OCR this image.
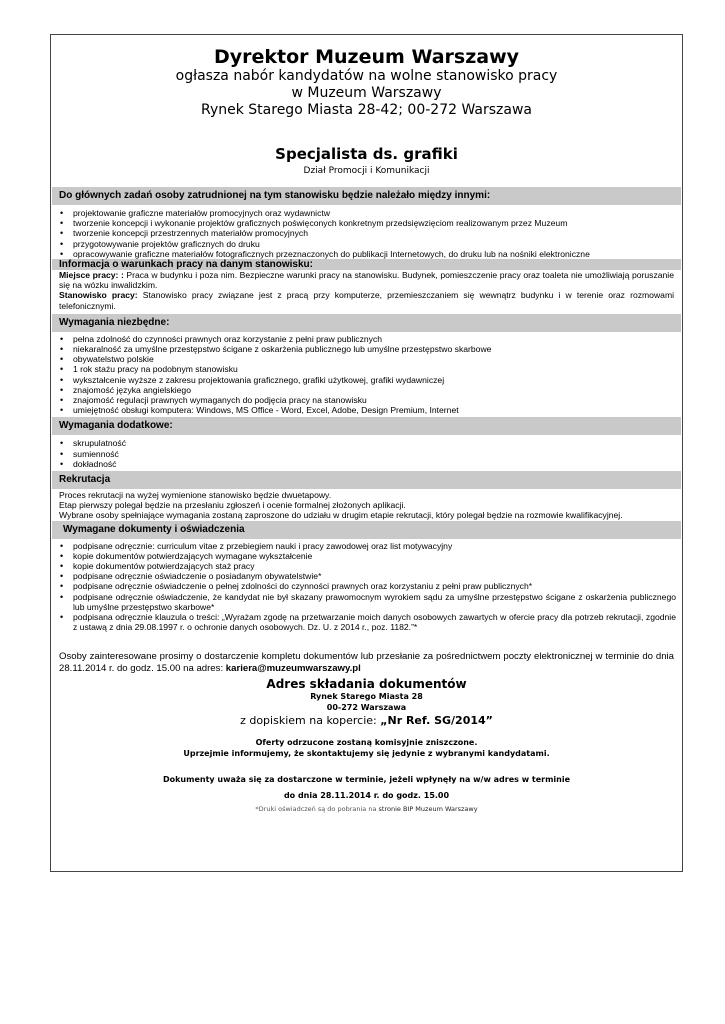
Dyrektor Muzeum Warszawy
ogłasza nabór kandydatów na wolne stanowisko pracy
w Muzeum Warszawy
Rynek Starego Miasta 28-42; 00-272 Warszawa
Specjalista ds. grafiki
Dział Promocji i Komunikacji
Do głównych zadań osoby zatrudnionej na tym stanowisku będzie należało między innymi:
• projektowanie graficzne materiałów promocyjnych oraz wydawnictw
• tworzenie koncepcji i wykonanie projektów graficznych poświęconych konkretnym przedsięwzięciom realizowanym przez Muzeum
• tworzenie koncepcji przestrzennych materiałów promocyjnych
• przygotowywanie projektów graficznych do druku
• opracowywanie graficzne materiałów fotograficznych przeznaczonych do publikacji Internetowych, do druku lub na nośniki elektroniczne
Informacja o warunkach pracy na danym stanowisku:
Miejsce pracy: : Praca w budynku i poza nim. Bezpieczne warunki pracy na stanowisku. Budynek, pomieszczenie pracy oraz toaleta nie umożliwiają poruszanie się na wózku inwalidzkim.
Stanowisko pracy: Stanowisko pracy związane jest z pracą przy komputerze, przemieszczaniem się wewnątrz budynku i w terenie oraz rozmowami telefonicznymi.
Wymagania niezbędne:
• pełna zdolność do czynności prawnych oraz korzystanie z pełni praw publicznych
• niekaralność za umyślne przestępstwo ścigane z oskarżenia publicznego lub umyślne przestępstwo skarbowe
• obywatelstwo polskie
• 1 rok stażu pracy na podobnym stanowisku
• wykształcenie wyższe z zakresu projektowania graficznego, grafiki użytkowej, grafiki wydawniczej
• znajomość języka angielskiego
• znajomość regulacji prawnych wymaganych do podjęcia pracy na stanowisku
• umiejętność obsługi komputera: Windows, MS Office - Word, Excel, Adobe, Design Premium, Internet
Wymagania dodatkowe:
• skrupulatność
• sumienność
• dokładność
Rekrutacja
Proces rekrutacji na wyżej wymienione stanowisko będzie dwuetapowy.
Etap pierwszy polegał będzie na przesłaniu zgłoszeń i ocenie formalnej złożonych aplikacji.
Wybrane osoby spełniające wymagania zostaną zaproszone do udziału w drugim etapie rekrutacji, który polegał będzie na rozmowie kwalifikacyjnej.
Wymagane dokumenty i oświadczenia
• podpisane odręcznie: curriculum vitae z przebiegiem nauki i pracy zawodowej oraz list motywacyjny
• kopie dokumentów potwierdzających wymagane wykształcenie
• kopie dokumentów potwierdzających staż pracy
• podpisane odręcznie oświadczenie o posiadanym obywatelstwie*
• podpisane odręcznie oświadczenie o pełnej zdolności do czynności prawnych oraz korzystaniu z pełni praw publicznych*
• podpisane odręcznie oświadczenie, że kandydat nie był skazany prawomocnym wyrokiem sądu za umyślne przestępstwo ścigane z oskarżenia publicznego lub umyślne przestępstwo skarbowe*
• podpisana odręcznie klauzula o treści: „Wyrażam zgodę na przetwarzanie moich danych osobowych zawartych w ofercie pracy dla potrzeb rekrutacji, zgodnie z ustawą z dnia 29.08.1997 r. o ochronie danych osobowych. Dz. U. z 2014 r., poz. 1182.”*
Osoby zainteresowane prosimy o dostarczenie kompletu dokumentów lub przesłanie za pośrednictwem poczty elektronicznej w terminie do dnia 28.11.2014 r. do godz. 15.00 na adres: kariera@muzeumwarszawy.pl
Adres składania dokumentów
Rynek Starego Miasta 28
00-272 Warszawa
z dopiskiem na kopercie: „Nr Ref. SG/2014”
Oferty odrzucone zostaną komisyjnie zniszczone.
Uprzejmie informujemy, że skontaktujemy się jedynie z wybranymi kandydatami.
Dokumenty uważa się za dostarczone w terminie, jeżeli wpłynęły na w/w adres w terminie
do dnia 28.11.2014 r. do godz. 15.00
*Druki oświadczeń są do pobrania na stronie BIP Muzeum Warszawy
